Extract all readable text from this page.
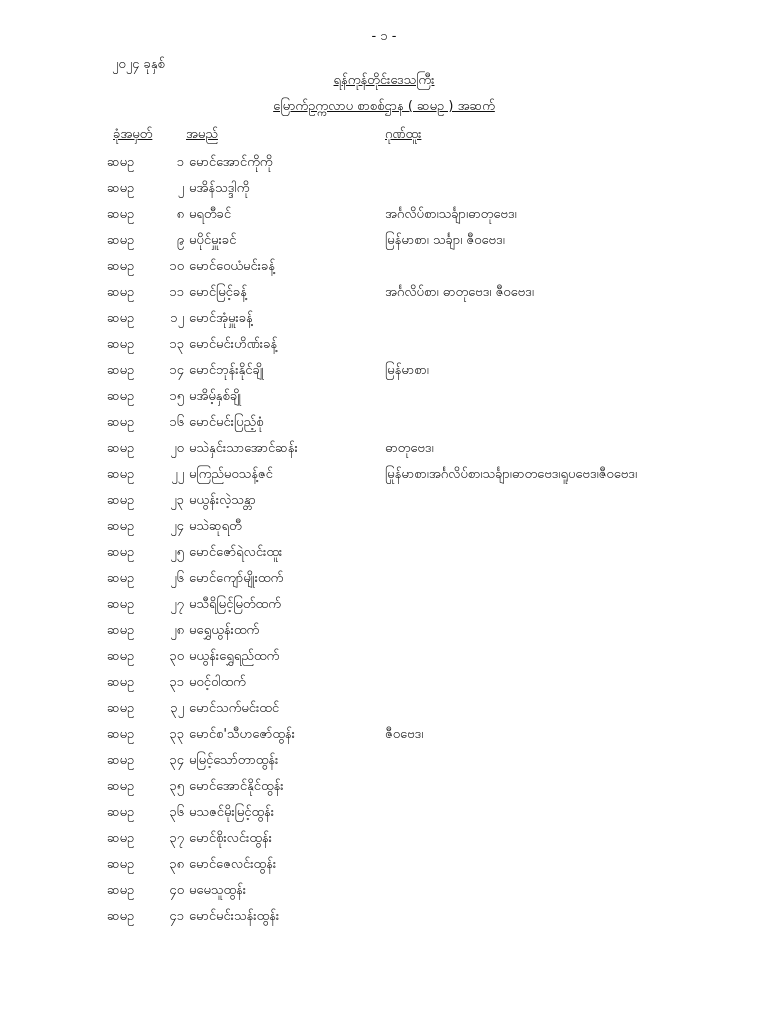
- ၁ -
၂၀၂၄ ခုနှစ်
ရန်ကုန်တိုင်းဒေသကြီး
မြောက်ဥက္ကလာပ စာစစ်ဌာန ( ဆမဥ ) အဆက်
ခုံအမှတ်	အမည်	ဂုဏ်ထူး
ဆမဥ	၁ မောင်အောင်ကိုကို
ဆမဥ	၂ မအိန်သဒ္ဒါကို
ဆမဥ	၈ မရတီခင်	အင်္ဂလိပ်စာ၊သင်္ချာ၊ဓာတုဗေဒ၊
ဆမဥ	၉ မပိုင်မှူးခင်	မြန်မာစာ၊ သင်္ချာ၊ ဇီဝဗေဒ၊
ဆမဥ	၁၀ မောင်ဝေယံမင်းခန့်
ဆမဥ	၁၁ မောင်မြင့်ခန့်	အင်္ဂလိပ်စာ၊ ဓာတုဗေဒ၊ ဇီဝဗေဒ၊
ဆမဥ	၁၂ မောင်အုံမှူးခန့်
ဆမဥ	၁၃ မောင်မင်းဟိဏ်းခန့်
ဆမဥ	၁၄ မောင်ဘုန်းနိုင်ချို	မြန်မာစာ၊
ဆမဥ	၁၅ မအိမ့်နှစ်ချို
ဆမဥ	၁၆ မောင်မင်းပြည့်စုံ
ဆမဥ	၂၀ မသဲနှင်းသာအောင်ဆန်း	ဓာတုဗေဒ၊
ဆမဥ	၂၂ မကြည်မဝသန့်ဇင်	မြန်မာစာ၊အင်္ဂလိပ်စာ၊သင်္ချာ၊ဓာတုဗေဒ၊ရူပဗေဒ၊ဇီဝဗေဒ၊
ဆမဥ	၂၃ မယွန်းလဲ့သန္တာ
ဆမဥ	၂၄ မသဲဆုရတီ
ဆမဥ	၂၅ မောင်ဇော်ရဲလင်းထူး
ဆမဥ	၂၆ မောင်ကျော်မျိုးထက်
ဆမဥ	၂၇ မသီရိမြင့်မြတ်ထက်
ဆမဥ	၂၈ မရွှေယွန်းထက်
ဆမဥ	၃၀ မယွန်းရွှေရည်ထက်
ဆမဥ	၃၁ မဝင့်ဝါထက်
ဆမဥ	၃၂ မောင်သက်မင်းထင်
ဆမဥ	၃၃ မောင်စ'သီဟဇော်ထွန်း	ဇီဝဗေဒ၊
ဆမဥ	၃၄ မမြင့်သော်တာထွန်း
ဆမဥ	၃၅ မောင်အောင်နိုင်ထွန်း
ဆမဥ	၃၆ မသဇင်မိုးမြင့်ထွန်း
ဆမဥ	၃၇ မောင်စိုးလင်းထွန်း
ဆမဥ	၃၈ မောင်ဇေလင်းထွန်း
ဆမဥ	၄၀ မမေသူထွန်း
ဆမဥ	၄၁ မောင်မင်းသန်းထွန်း
